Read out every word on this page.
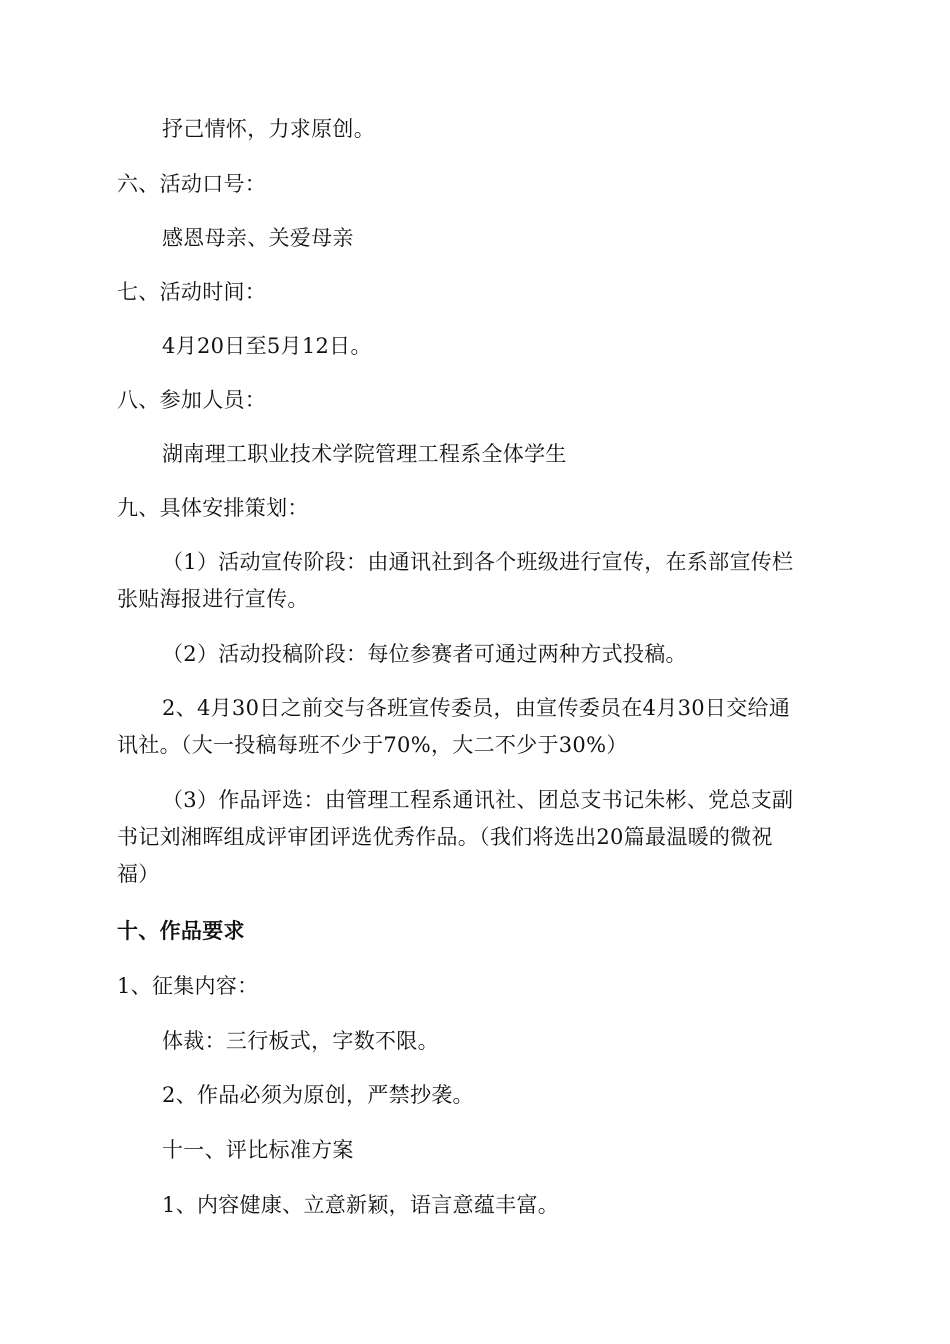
抒己情怀，力求原创。
六、活动口号：
感恩母亲、关爱母亲
七、活动时间：
4月20日至5月12日。
八、参加人员：
湖南理工职业技术学院管理工程系全体学生
九、具体安排策划：
（1）活动宣传阶段：由通讯社到各个班级进行宣传，在系部宣传栏
张贴海报进行宣传。
（2）活动投稿阶段：每位参赛者可通过两种方式投稿。
2、4月30日之前交与各班宣传委员，由宣传委员在4月30日交给通
讯社。（大一投稿每班不少于70%，大二不少于30%）
（3）作品评选：由管理工程系通讯社、团总支书记朱彬、党总支副
书记刘湘晖组成评审团评选优秀作品。（我们将选出20篇最温暖的微祝
福）
十、作品要求
1、征集内容：
体裁：三行板式，字数不限。
2、作品必须为原创，严禁抄袭。
十一、评比标准方案
1、内容健康、立意新颖，语言意蕴丰富。
